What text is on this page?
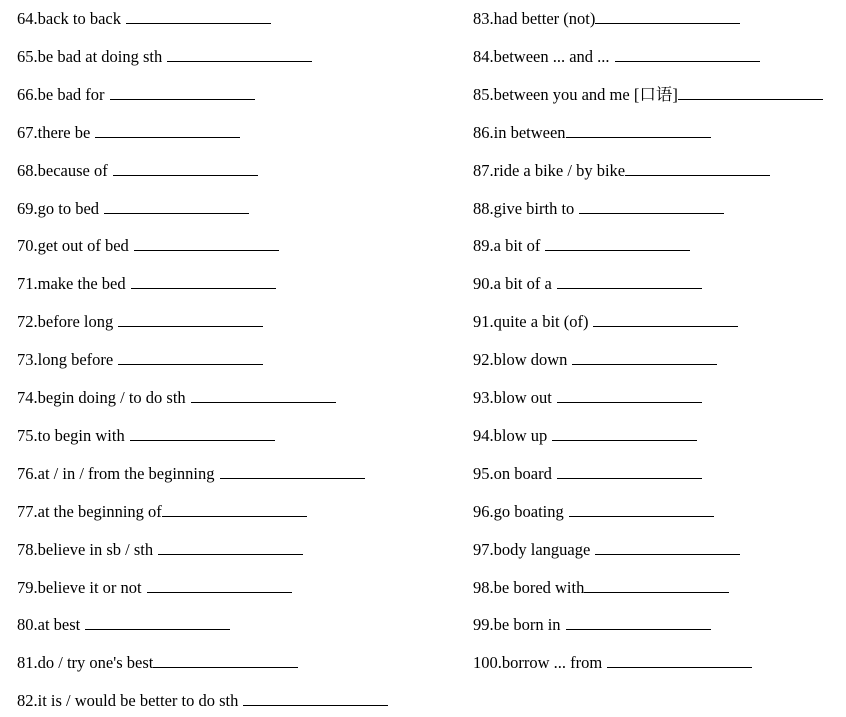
64.back to back
65.be bad at doing sth
66.be bad for
67.there be
68.because of
69.go to bed
70.get out of bed
71.make the bed
72.before long
73.long before
74.begin doing / to do sth
75.to begin with
76.at / in / from the beginning
77.at the beginning of
78.believe in sb / sth
79.believe it or not
80.at best
81.do / try one's best
82.it is / would be better to do sth
83.had better (not)
84.between ... and ...
85.between you and me [口语]
86.in between
87.ride a bike / by bike
88.give birth to
89.a bit of
90.a bit of a
91.quite a bit (of)
92.blow down
93.blow out
94.blow up
95.on board
96.go boating
97.body language
98.be bored with
99.be born in
100.borrow ... from
